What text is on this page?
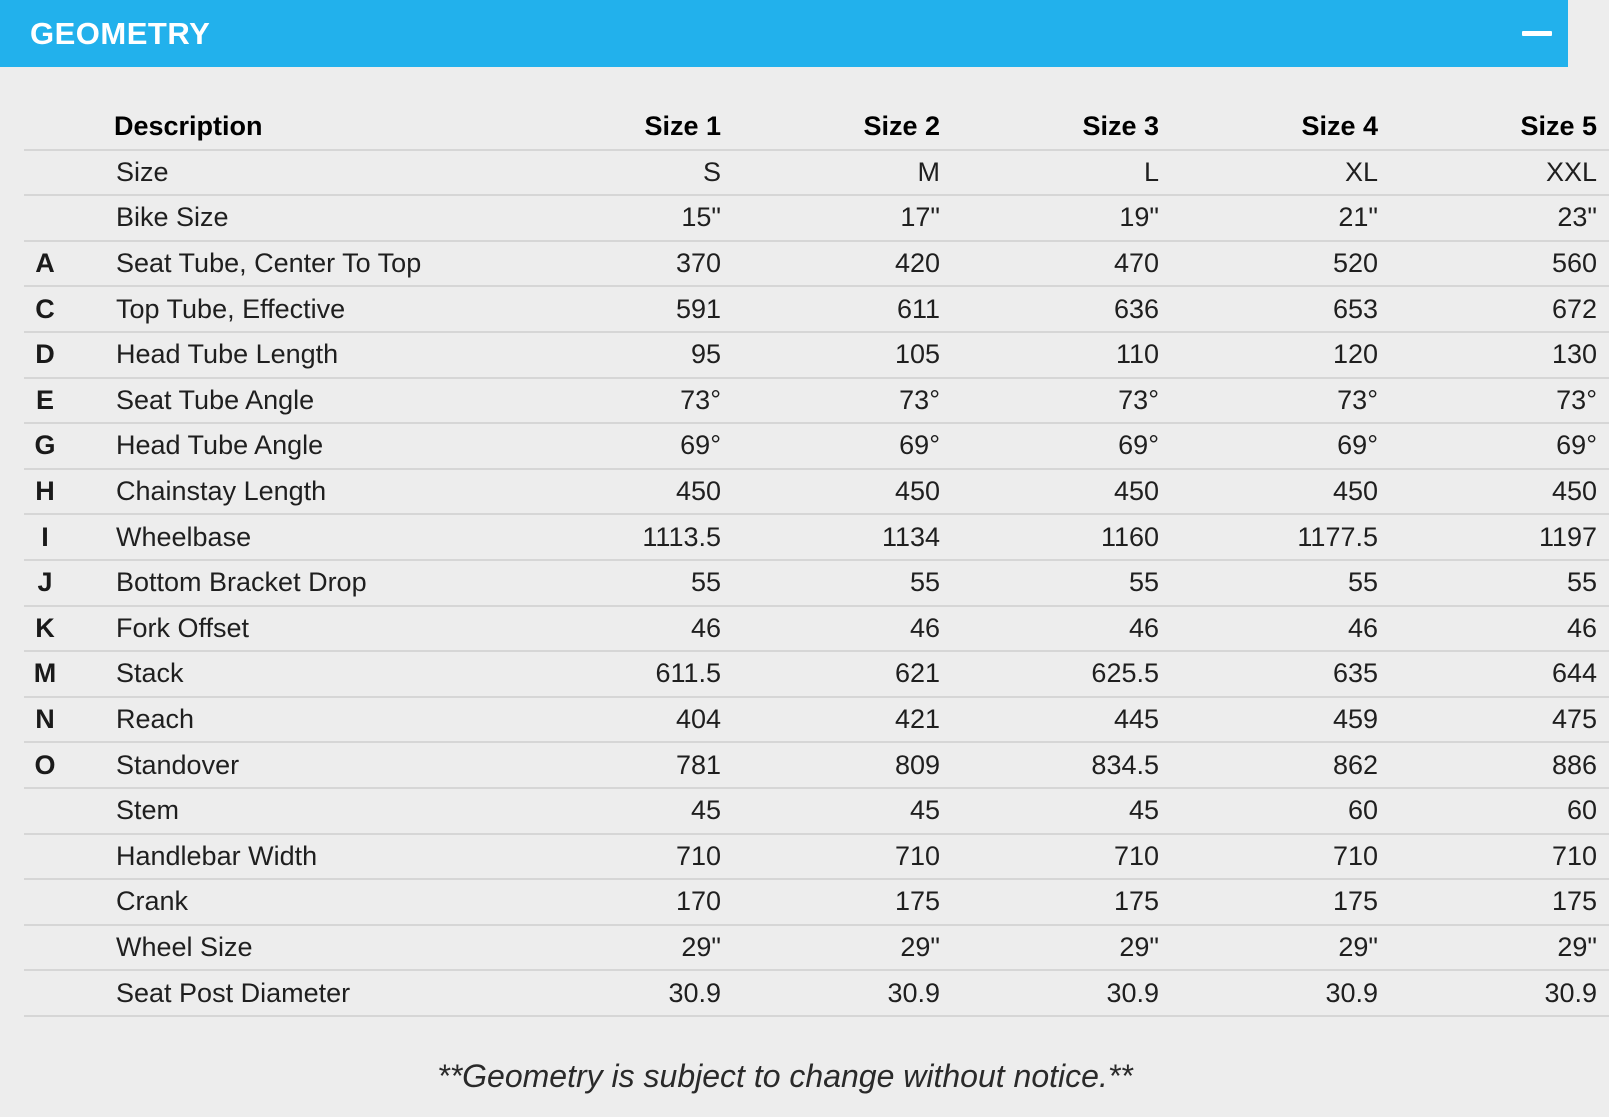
GEOMETRY
	Description	Size 1	Size 2	Size 3	Size 4	Size 5
	Size	S	M	L	XL	XXL
	Bike Size	15"	17"	19"	21"	23"
A	Seat Tube, Center To Top	370	420	470	520	560
C	Top Tube, Effective	591	611	636	653	672
D	Head Tube Length	95	105	110	120	130
E	Seat Tube Angle	73°	73°	73°	73°	73°
G	Head Tube Angle	69°	69°	69°	69°	69°
H	Chainstay Length	450	450	450	450	450
I	Wheelbase	1113.5	1134	1160	1177.5	1197
J	Bottom Bracket Drop	55	55	55	55	55
K	Fork Offset	46	46	46	46	46
M	Stack	611.5	621	625.5	635	644
N	Reach	404	421	445	459	475
O	Standover	781	809	834.5	862	886
	Stem	45	45	45	60	60
	Handlebar Width	710	710	710	710	710
	Crank	170	175	175	175	175
	Wheel Size	29"	29"	29"	29"	29"
	Seat Post Diameter	30.9	30.9	30.9	30.9	30.9
**Geometry is subject to change without notice.**
